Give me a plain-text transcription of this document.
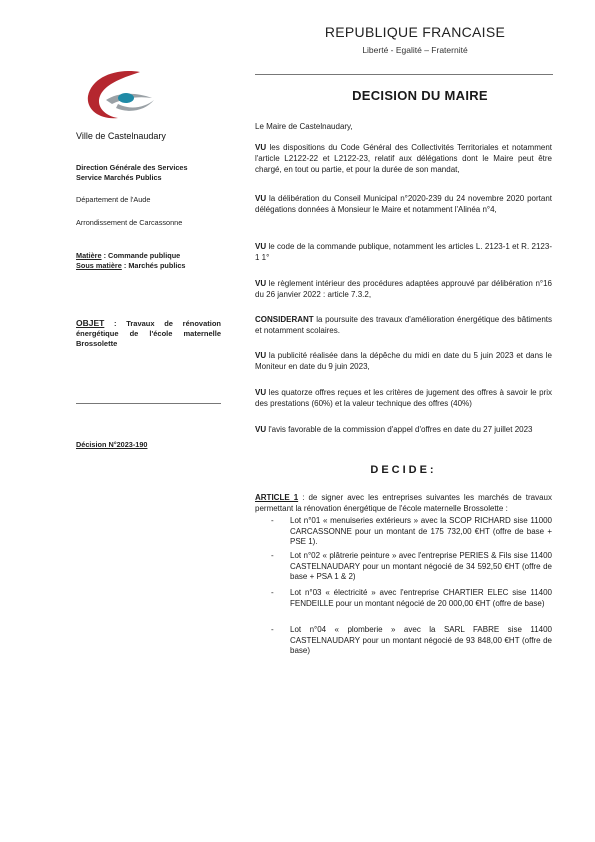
REPUBLIQUE FRANCAISE
Liberté - Egalité – Fraternité
DECISION DU MAIRE
Ville de Castelnaudary
Direction Générale des Services
Service Marchés Publics
Département de l'Aude
Arrondissement de Carcassonne
Matière : Commande publique
Sous matière : Marchés publics
OBJET : Travaux de rénovation énergétique de l'école maternelle Brossolette
Décision N°2023-190
Le Maire de Castelnaudary,
VU les dispositions du Code Général des Collectivités Territoriales et notamment l'article L2122-22 et L2122-23, relatif aux délégations dont le Maire peut être chargé, en tout ou partie, et pour la durée de son mandat,
VU la délibération du Conseil Municipal n°2020-239 du 24 novembre 2020 portant délégations données à Monsieur le Maire et notamment l'Alinéa n°4,
VU le code de la commande publique, notamment les articles L. 2123-1 et R. 2123-1 1°
VU le règlement intérieur des procédures adaptées approuvé par délibération n°16 du 26 janvier 2022 : article 7.3.2,
CONSIDERANT la poursuite des travaux d'amélioration énergétique des bâtiments et notamment scolaires.
VU la publicité réalisée dans la dépêche du midi en date du 5 juin 2023 et dans le Moniteur en date du 9 juin 2023,
VU les quatorze offres reçues et les critères de jugement des offres à savoir le prix des prestations (60%) et la valeur technique des offres (40%)
VU l'avis favorable de la commission d'appel d'offres en date du 27 juillet 2023
DECIDE:
ARTICLE 1 : de signer avec les entreprises suivantes les marchés de travaux permettant la rénovation énergétique de l'école maternelle Brossolette :
- Lot n°01 « menuiseries extérieurs » avec la SCOP RICHARD sise 11000 CARCASSONNE pour un montant de 175 732,00 €HT (offre de base + PSE 1).
- Lot n°02 « plâtrerie peinture » avec l'entreprise PERIES & Fils sise 11400 CASTELNAUDARY pour un montant négocié de 34 592,50 €HT (offre de base + PSA 1 & 2)
- Lot n°03 « électricité » avec l'entreprise CHARTIER ELEC sise 11400 FENDEILLE pour un montant négocié de 20 000,00 €HT (offre de base)
- Lot n°04 « plomberie » avec la SARL FABRE sise 11400 CASTELNAUDARY pour un montant négocié de 93 848,00 €HT (offre de base)
